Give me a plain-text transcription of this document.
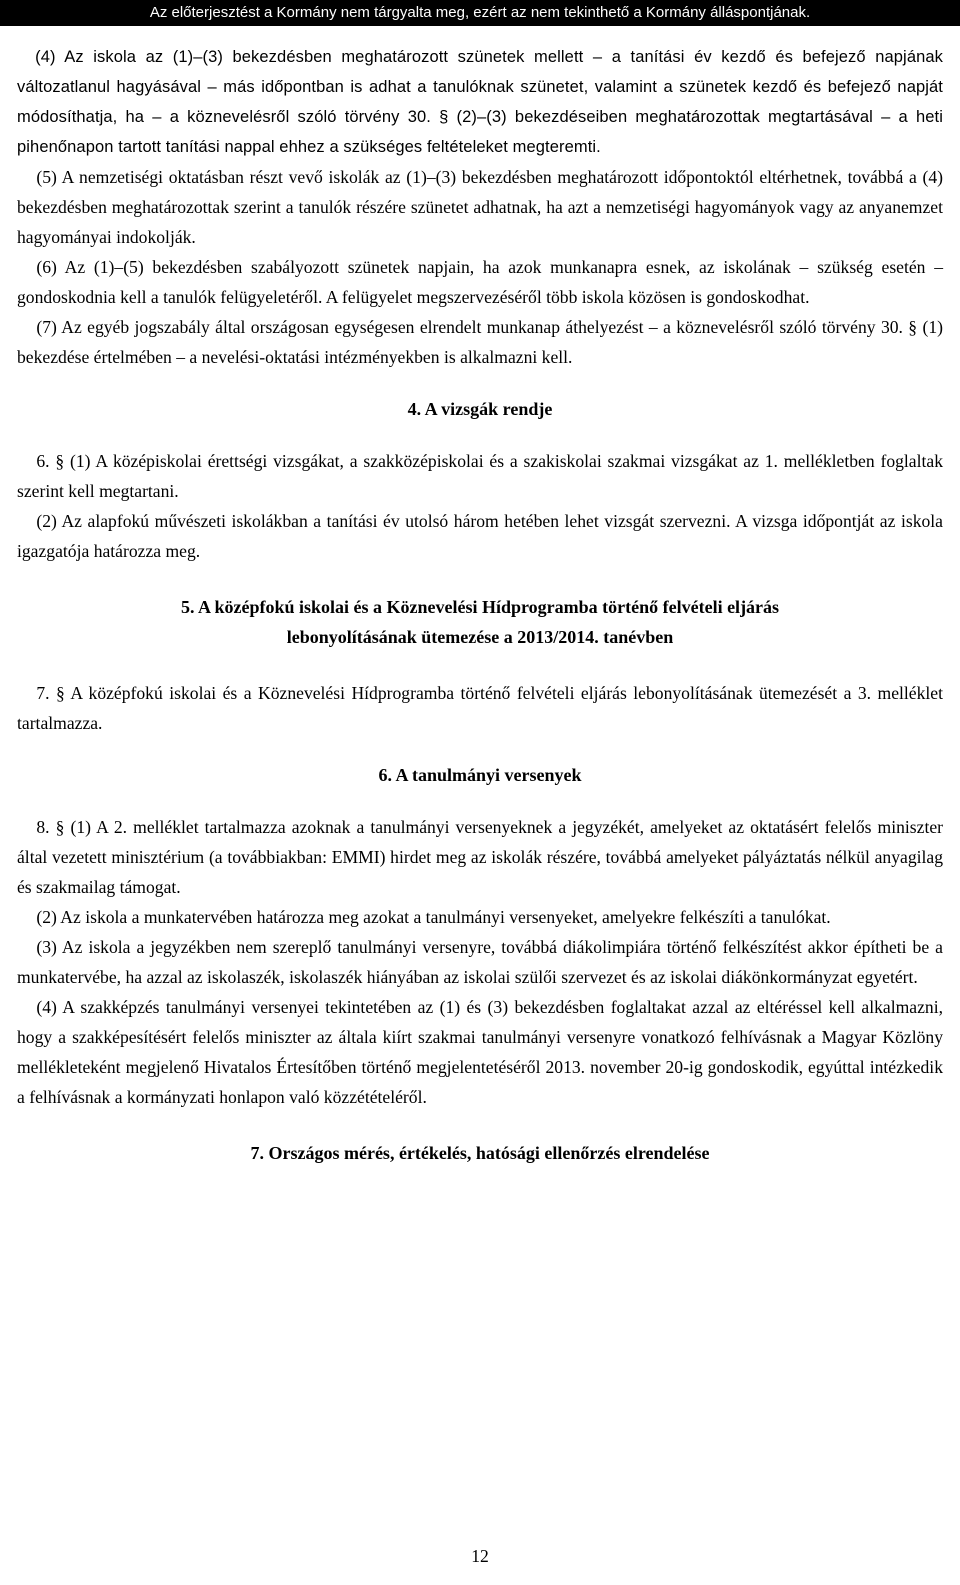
Az előterjesztést a Kormány nem tárgyalta meg, ezért az nem tekinthető a Kormány álláspontjának.

(4) Az iskola az (1)–(3) bekezdésben meghatározott szünetek mellett – a tanítási év kezdő és befejező napjának változatlanul hagyásával – más időpontban is adhat a tanulóknak szünetet, valamint a szünetek kezdő és befejező napját módosíthatja, ha – a köznevelésről szóló törvény 30. § (2)–(3) bekezdéseiben meghatározottak megtartásával – a heti pihenőnapon tartott tanítási nappal ehhez a szükséges feltételeket megteremti.

(5) A nemzetiségi oktatásban részt vevő iskolák az (1)–(3) bekezdésben meghatározott időpontoktól eltérhetnek, továbbá a (4) bekezdésben meghatározottak szerint a tanulók részére szünetet adhatnak, ha azt a nemzetiségi hagyományok vagy az anyanemzet hagyományai indokolják.

(6) Az (1)–(5) bekezdésben szabályozott szünetek napjain, ha azok munkanapra esnek, az iskolának – szükség esetén – gondoskodnia kell a tanulók felügyeletéről. A felügyelet megszervezéséről több iskola közösen is gondoskodhat.

(7) Az egyéb jogszabály által országosan egységesen elrendelt munkanap áthelyezést – a köznevelésről szóló törvény 30. § (1) bekezdése értelmében – a nevelési-oktatási intézményekben is alkalmazni kell.

4. A vizsgák rendje

6. § (1) A középiskolai érettségi vizsgákat, a szakközépiskolai és a szakiskolai szakmai vizsgákat az 1. mellékletben foglaltak szerint kell megtartani.

(2) Az alapfokú művészeti iskolákban a tanítási év utolsó három hetében lehet vizsgát szervezni. A vizsga időpontját az iskola igazgatója határozza meg.

5. A középfokú iskolai és a Köznevelési Hídprogramba történő felvételi eljárás
lebonyolításának ütemezése a 2013/2014. tanévben

7. § A középfokú iskolai és a Köznevelési Hídprogramba történő felvételi eljárás lebonyolításának ütemezését a 3. melléklet tartalmazza.

6. A tanulmányi versenyek

8. § (1) A 2. melléklet tartalmazza azoknak a tanulmányi versenyeknek a jegyzékét, amelyeket az oktatásért felelős miniszter által vezetett minisztérium (a továbbiakban: EMMI) hirdet meg az iskolák részére, továbbá amelyeket pályáztatás nélkül anyagilag és szakmailag támogat.

(2) Az iskola a munkatervében határozza meg azokat a tanulmányi versenyeket, amelyekre felkészíti a tanulókat.

(3) Az iskola a jegyzékben nem szereplő tanulmányi versenyre, továbbá diákolimpiára történő felkészítést akkor építheti be a munkatervébe, ha azzal az iskolaszék, iskolaszék hiányában az iskolai szülői szervezet és az iskolai diákönkormányzat egyetért.

(4) A szakképzés tanulmányi versenyei tekintetében az (1) és (3) bekezdésben foglaltakat azzal az eltéréssel kell alkalmazni, hogy a szakképesítésért felelős miniszter az általa kiírt szakmai tanulmányi versenyre vonatkozó felhívásnak a Magyar Közlöny mellékleteként megjelenő Hivatalos Értesítőben történő megjelentetéséről 2013. november 20-ig gondoskodik, egyúttal intézkedik a felhívásnak a kormányzati honlapon való közzétételéről.

7. Országos mérés, értékelés, hatósági ellenőrzés elrendelése
12
